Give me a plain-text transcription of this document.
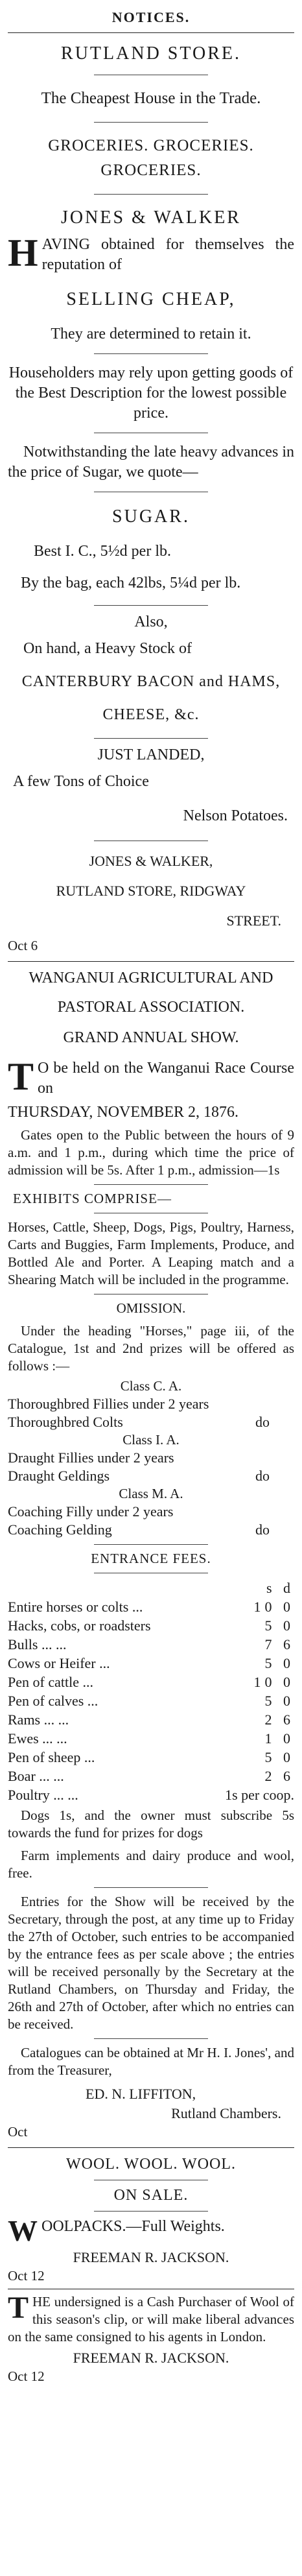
NOTICES.
RUTLAND STORE.
The Cheapest House in the Trade.
GROCERIES. GROCERIES.
GROCERIES.
JONES & WALKER

H AVING obtained for themselves the reputation of

SELLING CHEAP,
They are determined to retain it.

Householders may rely upon getting goods of the Best Description for the lowest possible price.

Notwithstanding the late heavy advances in the price of Sugar, we quote—

SUGAR.
Best I. C., 5½d per lb.
By the bag, each 42lbs, 5¼d per lb.
Also,
On hand, a Heavy Stock of
CANTERBURY BACON and HAMS,
CHEESE, &c.
JUST LANDED,
A few Tons of Choice
Nelson Potatoes.
JONES & WALKER,
RUTLAND STORE, RIDGWAY
STREET.
Oct 6
WANGANUI AGRICULTURAL AND
PASTORAL ASSOCIATION.
GRAND ANNUAL SHOW.

T O be held on the Wanganui Race Course on

THURSDAY, NOVEMBER 2, 1876.

Gates open to the Public between the hours of 9 a.m. and 1 p.m., during which time the price of admission will be 5s. After 1 p.m., admission—1s

EXHIBITS COMPRISE—

Horses, Cattle, Sheep, Dogs, Pigs, Poultry, Harness, Carts and Buggies, Farm Implements, Produce, and Bottled Ale and Porter. A Leaping match and a Shearing Match will be included in the programme.

OMISSION.

Under the heading "Horses," page iii, of the Catalogue, 1st and 2nd prizes will be offered as follows :—

Class C. A.
Thoroughbred Fillies under 2 years
Thoroughbred Colts	do
Class I. A.
Draught Fillies under 2 years
Draught Geldings	do
Class M. A.
Coaching Filly under 2 years
Coaching Gelding	do
ENTRANCE FEES.
s d
Entire horses or colts ...	10 0
Hacks, cobs, or roadsters	5 0
Bulls ... ...	7 6
Cows or Heifer ...	5 0
Pen of cattle ...	10 0
Pen of calves ...	5 0
Rams ... ...	2 6
Ewes ... ...	1 0
Pen of sheep ...	5 0
Boar ... ...	2 6
Poultry ... ...	1s per coop.

Dogs 1s, and the owner must subscribe 5s towards the fund for prizes for dogs

Farm implements and dairy produce and wool, free.

Entries for the Show will be received by the Secretary, through the post, at any time up to Friday the 27th of October, such entries to be accompanied by the entrance fees as per scale above ; the entries will be received personally by the Secretary at the Rutland Chambers, on Thursday and Friday, the 26th and 27th of October, after which no entries can be received.

Catalogues can be obtained at Mr H. I. Jones', and from the Treasurer,

ED. N. LIFFITON,
Rutland Chambers.
Oct
WOOL. WOOL. WOOL.
ON SALE.

W OOLPACKS.—Full Weights.

FREEMAN R. JACKSON.
Oct 12

T HE undersigned is a Cash Purchaser of Wool of this season's clip, or will make liberal advances on the same consigned to his agents in London.

FREEMAN R. JACKSON.
Oct 12
